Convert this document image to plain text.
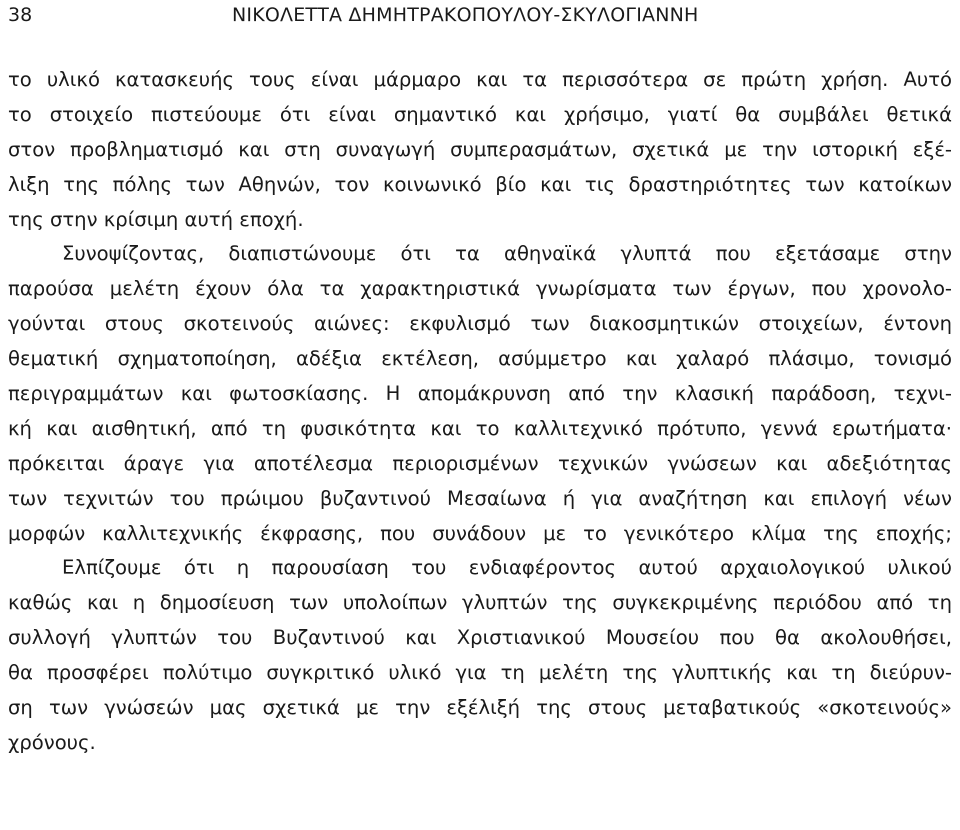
38	ΝΙΚΟΛΕΤΤΑ ΔΗΜΗΤΡΑΚΟΠΟΥΛΟΥ-ΣΚΥΛΟΓΙΑΝΝΗ
το υλικό κατασκευής τους είναι μάρμαρο και τα περισσότερα σε πρώτη χρήση. Αυτό
το στοιχείο πιστεύουμε ότι είναι σημαντικό και χρήσιμο, γιατί θα συμβάλει θετικά
στον προβληματισμό και στη συναγωγή συμπερασμάτων, σχετικά με την ιστορική εξέ-
λιξη της πόλης των Αθηνών, τον κοινωνικό βίο και τις δραστηριότητες των κατοίκων
της στην κρίσιμη αυτή εποχή.
Συνοψίζοντας, διαπιστώνουμε ότι τα αθηναϊκά γλυπτά που εξετάσαμε στην
παρούσα μελέτη έχουν όλα τα χαρακτηριστικά γνωρίσματα των έργων, που χρονολο-
γούνται στους σκοτεινούς αιώνες: εκφυλισμό των διακοσμητικών στοιχείων, έντονη
θεματική σχηματοποίηση, αδέξια εκτέλεση, ασύμμετρο και χαλαρό πλάσιμο, τονισμό
περιγραμμάτων και φωτοσκίασης. Η απομάκρυνση από την κλασική παράδοση, τεχνι-
κή και αισθητική, από τη φυσικότητα και το καλλιτεχνικό πρότυπο, γεννά ερωτήματα·
πρόκειται άραγε για αποτέλεσμα περιορισμένων τεχνικών γνώσεων και αδεξιότητας
των τεχνιτών του πρώιμου βυζαντινού Μεσαίωνα ή για αναζήτηση και επιλογή νέων
μορφών καλλιτεχνικής έκφρασης, που συνάδουν με το γενικότερο κλίμα της εποχής;
Ελπίζουμε ότι η παρουσίαση του ενδιαφέροντος αυτού αρχαιολογικού υλικού
καθώς και η δημοσίευση των υπολοίπων γλυπτών της συγκεκριμένης περιόδου από τη
συλλογή γλυπτών του Βυζαντινού και Χριστιανικού Μουσείου που θα ακολουθήσει,
θα προσφέρει πολύτιμο συγκριτικό υλικό για τη μελέτη της γλυπτικής και τη διεύρυν-
ση των γνώσεών μας σχετικά με την εξέλιξή της στους μεταβατικούς «σκοτεινούς»
χρόνους.
